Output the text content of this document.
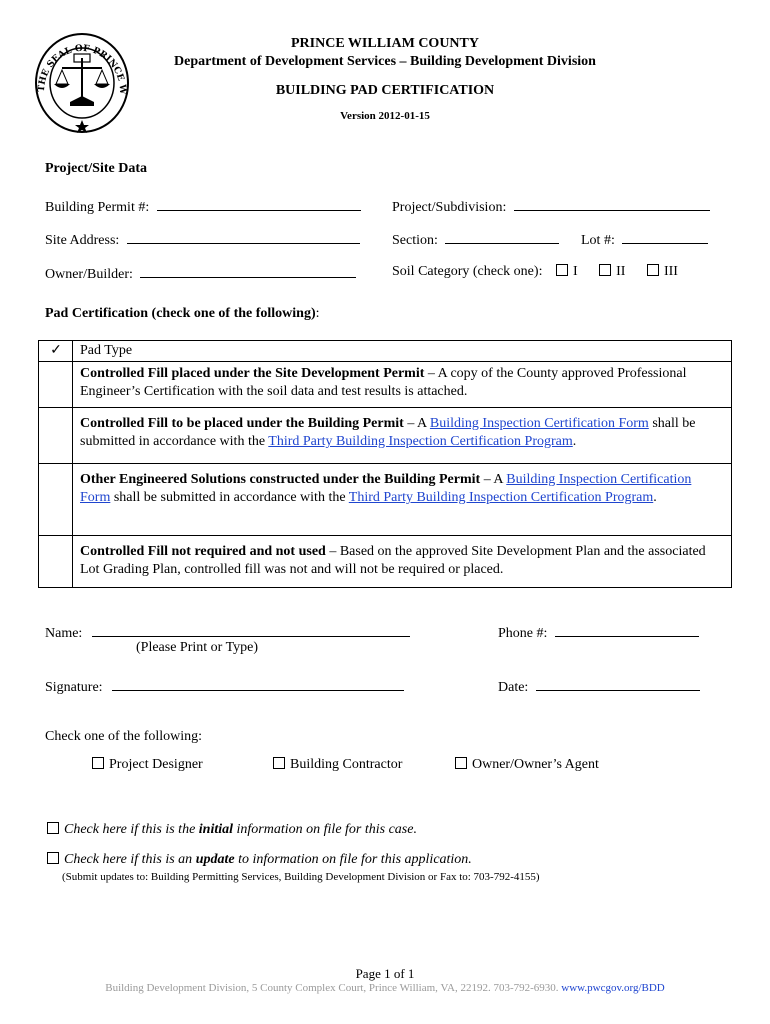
THE SEAL OF PRINCE W
PRINCE WILLIAM COUNTY
Department of Development Services – Building Development Division
BUILDING PAD CERTIFICATION
Version 2012-01-15
Project/Site Data
Building Permit #:	Project/Subdivision:
Site Address:	Section:	Lot #:
Owner/Builder:	Soil Category (check one): I	II	III
Pad Certification (check one of the following):
✓	Pad Type
	Controlled Fill placed under the Site Development Permit – A copy of the County approved Professional Engineer’s Certification with the soil data and test results is attached.
	Controlled Fill to be placed under the Building Permit – A Building Inspection Certification Form shall be submitted in accordance with the Third Party Building Inspection Certification Program.
	Other Engineered Solutions constructed under the Building Permit – A Building Inspection Certification Form shall be submitted in accordance with the Third Party Building Inspection Certification Program.
	Controlled Fill not required and not used – Based on the approved Site Development Plan and the associated Lot Grading Plan, controlled fill was not and will not be required or placed.
Name:
(Please Print or Type)
Phone #:
Signature:	Date:
Check one of the following:
Project Designer	Building Contractor	Owner/Owner’s Agent
Check here if this is the initial information on file for this case.
Check here if this is an update to information on file for this application.
(Submit updates to: Building Permitting Services, Building Development Division or Fax to: 703-792-4155)
Page 1 of 1
Building Development Division, 5 County Complex Court, Prince William, VA, 22192. 703-792-6930. www.pwcgov.org/BDD
